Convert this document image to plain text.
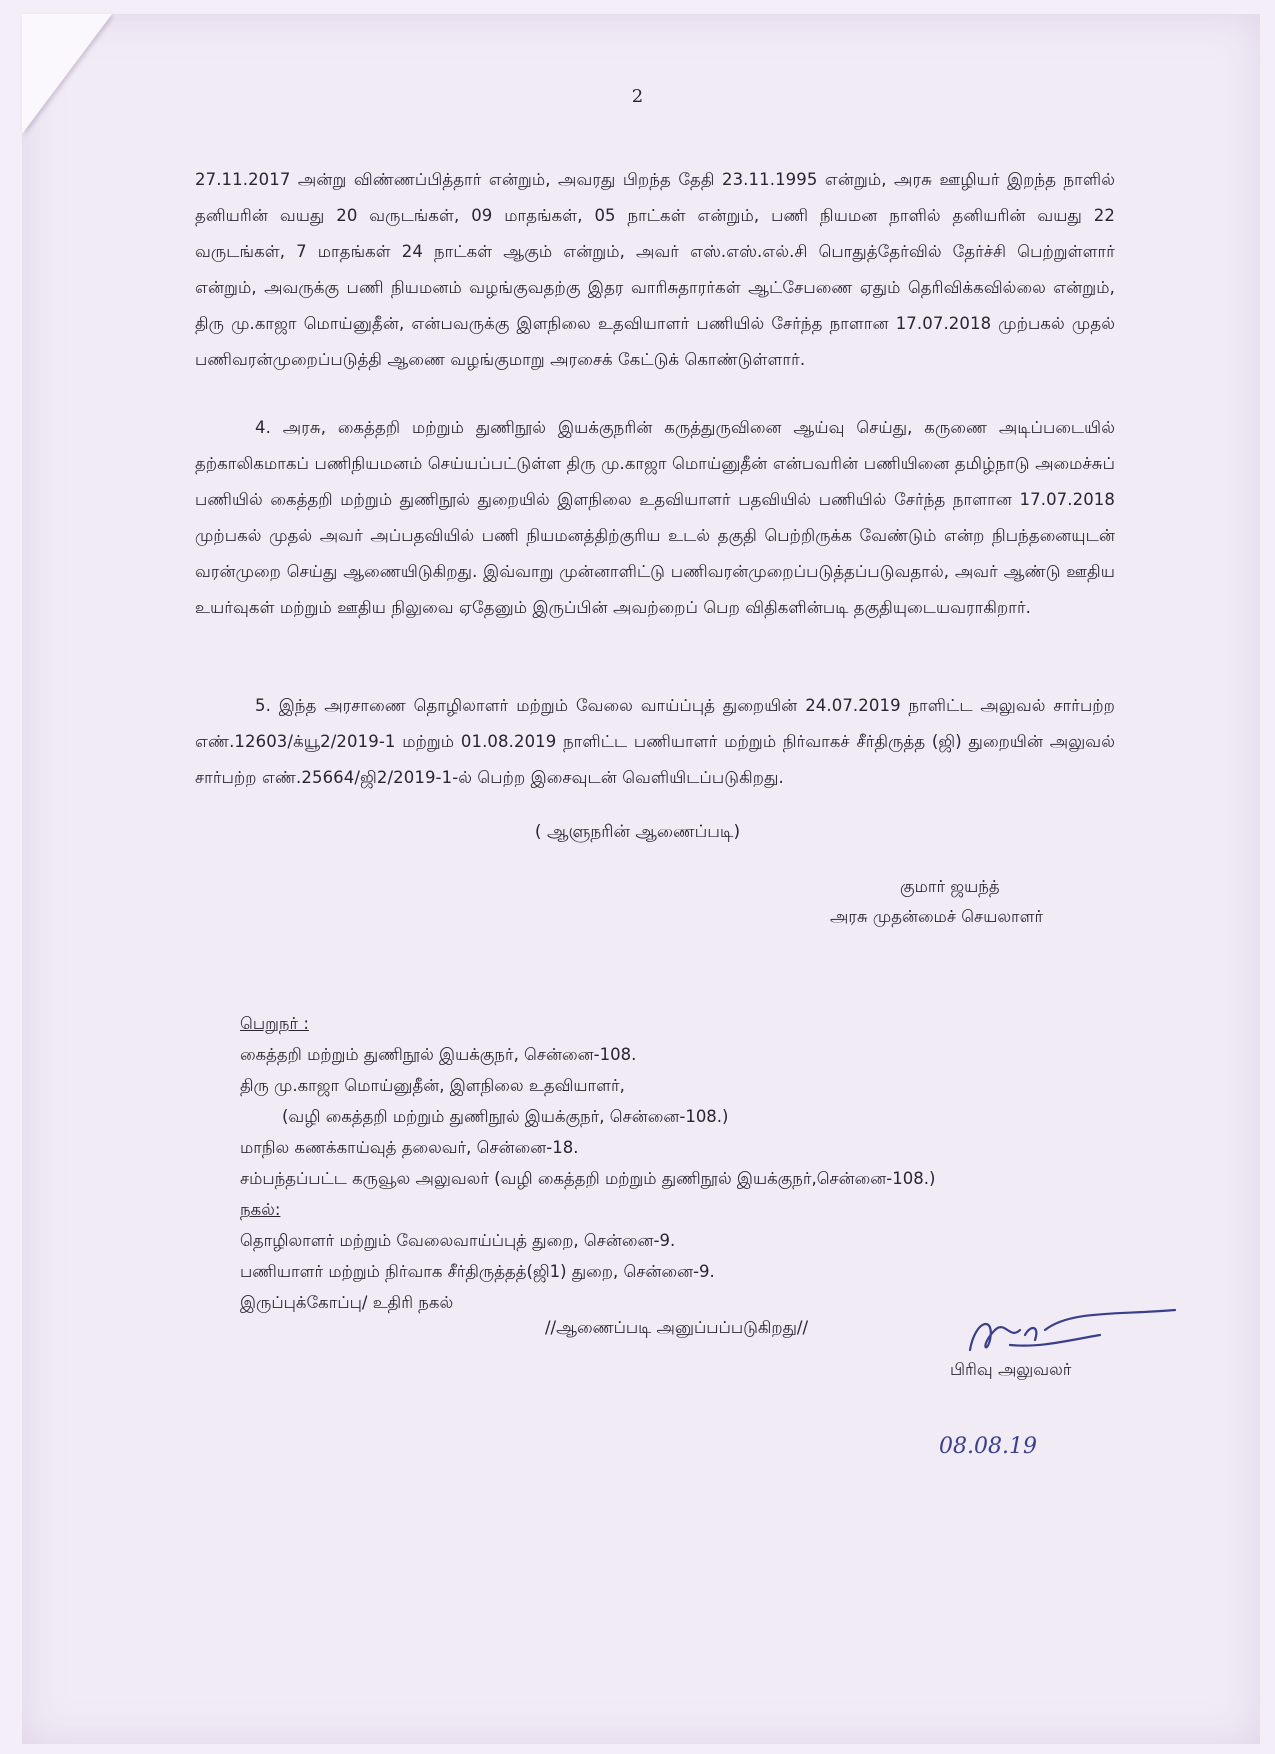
2

27.11.2017 அன்று விண்ணப்பித்தார் என்றும், அவரது பிறந்த தேதி 23.11.1995 என்றும், அரசு ஊழியர் இறந்த நாளில் தனியரின் வயது 20 வருடங்கள், 09 மாதங்கள், 05 நாட்கள் என்றும், பணி நியமன நாளில் தனியரின் வயது 22 வருடங்கள், 7 மாதங்கள் 24 நாட்கள் ஆகும் என்றும், அவர் எஸ்.எஸ்.எல்.சி பொதுத்தேர்வில் தேர்ச்சி பெற்றுள்ளார் என்றும், அவருக்கு பணி நியமனம் வழங்குவதற்கு இதர வாரிசுதாரர்கள் ஆட்சேபணை ஏதும் தெரிவிக்கவில்லை என்றும், திரு மு.காஜா மொய்னுதீன், என்பவருக்கு இளநிலை உதவியாளர் பணியில் சேர்ந்த நாளான 17.07.2018 முற்பகல் முதல் பணிவரன்முறைப்படுத்தி ஆணை வழங்குமாறு அரசைக் கேட்டுக் கொண்டுள்ளார்.

4. அரசு, கைத்தறி மற்றும் துணிநூல் இயக்குநரின் கருத்துருவினை ஆய்வு செய்து, கருணை அடிப்படையில் தற்காலிகமாகப் பணிநியமனம் செய்யப்பட்டுள்ள திரு மு.காஜா மொய்னுதீன் என்பவரின் பணியினை தமிழ்நாடு அமைச்சுப் பணியில் கைத்தறி மற்றும் துணிநூல் துறையில் இளநிலை உதவியாளர் பதவியில் பணியில் சேர்ந்த நாளான 17.07.2018 முற்பகல் முதல் அவர் அப்பதவியில் பணி நியமனத்திற்குரிய உடல் தகுதி பெற்றிருக்க வேண்டும் என்ற நிபந்தனையுடன் வரன்முறை செய்து ஆணையிடுகிறது. இவ்வாறு முன்னாளிட்டு பணிவரன்முறைப்படுத்தப்படுவதால், அவர் ஆண்டு ஊதிய உயர்வுகள் மற்றும் ஊதிய நிலுவை ஏதேனும் இருப்பின் அவற்றைப் பெற விதிகளின்படி தகுதியுடையவராகிறார்.

5. இந்த அரசாணை தொழிலாளர் மற்றும் வேலை வாய்ப்புத் துறையின் 24.07.2019 நாளிட்ட அலுவல் சார்பற்ற எண்.12603/க்யூ2/2019-1 மற்றும் 01.08.2019 நாளிட்ட பணியாளர் மற்றும் நிர்வாகச் சீர்திருத்த (ஜி) துறையின் அலுவல் சார்பற்ற எண்.25664/ஜி2/2019-1-ல் பெற்ற இசைவுடன் வெளியிடப்படுகிறது.

( ஆளுநரின் ஆணைப்படி)
குமார் ஜயந்த்
அரசு முதன்மைச் செயலாளர்
பெறுநர் :
கைத்தறி மற்றும் துணிநூல் இயக்குநர், சென்னை-108.
திரு மு.காஜா மொய்னுதீன், இளநிலை உதவியாளர்,
(வழி கைத்தறி மற்றும் துணிநூல் இயக்குநர், சென்னை-108.)
மாநில கணக்காய்வுத் தலைவர், சென்னை-18.
சம்பந்தப்பட்ட கருவூல அலுவலர் (வழி கைத்தறி மற்றும் துணிநூல் இயக்குநர்,சென்னை-108.)
நகல்:
தொழிலாளர் மற்றும் வேலைவாய்ப்புத் துறை, சென்னை-9.
பணியாளர் மற்றும் நிர்வாக சீர்திருத்தத்(ஜி1) துறை, சென்னை-9.
இருப்புக்கோப்பு/ உதிரி நகல்
//ஆணைப்படி அனுப்பப்படுகிறது//
பிரிவு அலுவலர்
08.08.19
